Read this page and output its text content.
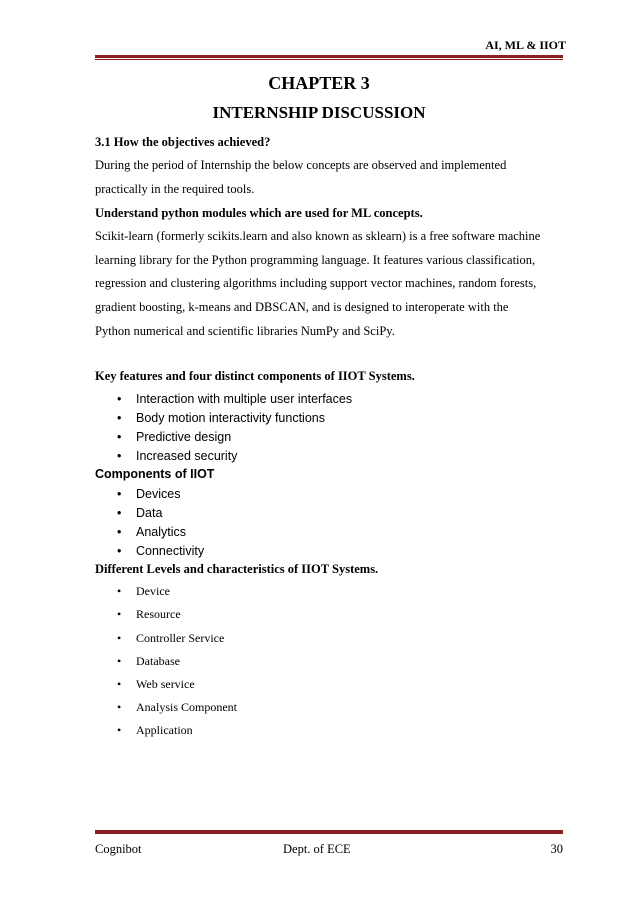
AI, ML & IIOT
CHAPTER 3
INTERNSHIP DISCUSSION
3.1 How the objectives achieved?
During the period of Internship the below concepts are observed and implemented
practically in the required tools.
Understand python modules which are used for ML concepts.
Scikit-learn (formerly scikits.learn and also known as sklearn) is a free software machine
learning library for the Python programming language. It features various classification,
regression and clustering algorithms including support vector machines, random forests,
gradient boosting, k-means and DBSCAN, and is designed to interoperate with the
Python numerical and scientific libraries NumPy and SciPy.
Key features and four distinct components of IIOT Systems.
• Interaction with multiple user interfaces
• Body motion interactivity functions
• Predictive design
• Increased security
Components of IIOT
• Devices
• Data
• Analytics
• Connectivity
Different Levels and characteristics of IIOT Systems.
• Device
• Resource
• Controller Service
• Database
• Web service
• Analysis Component
• Application
Cognibot	Dept. of ECE	30
